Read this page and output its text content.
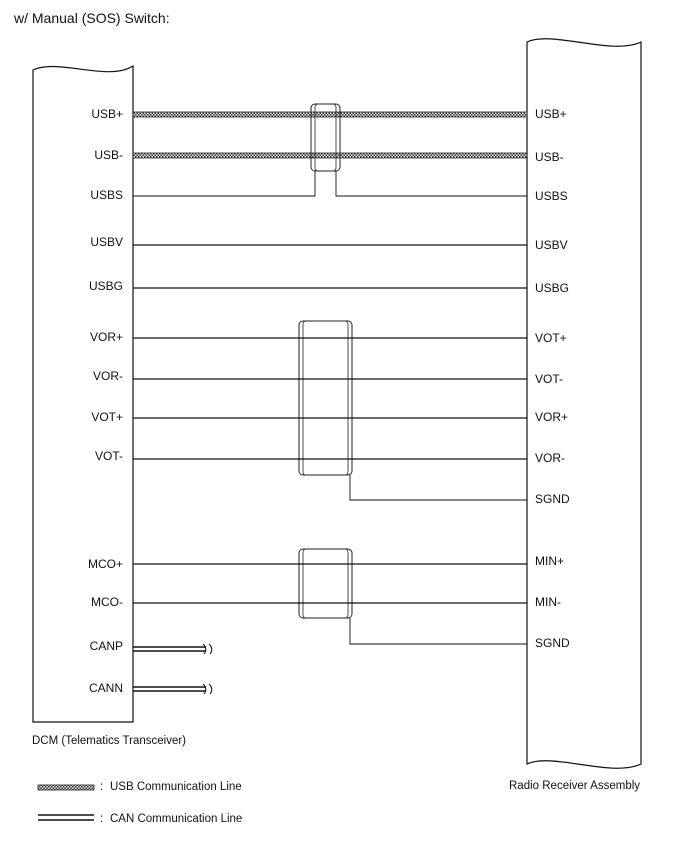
w/ Manual (SOS) Switch:
DCM (Telematics Transceiver)
Radio Receiver Assembly
USB+
USB-
USBS
USBV
USBG
VOR+
VOR-
VOT+
VOT-
MCO+
MCO-
CANP
CANN
USB+
USB-
USBS
USBV
USBG
VOT+
VOT-
VOR+
VOR-
SGND
MIN+
MIN-
SGND
: USB Communication Line
: CAN Communication Line
